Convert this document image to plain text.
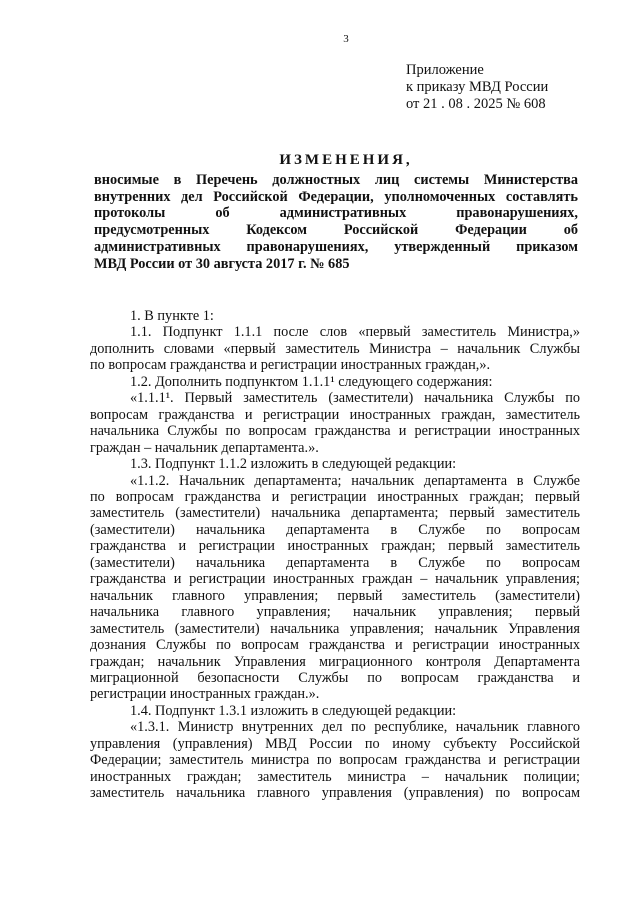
3
Приложение
к приказу МВД России
от 21 . 08 . 2025 № 608
ИЗМЕНЕНИЯ,
вносимые в Перечень должностных лиц системы Министерства
внутренних дел Российской Федерации, уполномоченных составлять
протоколы об административных правонарушениях,
предусмотренных Кодексом Российской Федерации об
административных правонарушениях, утвержденный приказом
МВД России от 30 августа 2017 г. № 685
1. В пункте 1:
1.1. Подпункт 1.1.1 после слов «первый заместитель Министра,»
дополнить словами «первый заместитель Министра – начальник Службы
по вопросам гражданства и регистрации иностранных граждан,».
1.2. Дополнить подпунктом 1.1.1¹ следующего содержания:
«1.1.1¹. Первый заместитель (заместители) начальника Службы по
вопросам гражданства и регистрации иностранных граждан, заместитель
начальника Службы по вопросам гражданства и регистрации иностранных
граждан – начальник департамента.».
1.3. Подпункт 1.1.2 изложить в следующей редакции:
«1.1.2. Начальник департамента; начальник департамента в Службе
по вопросам гражданства и регистрации иностранных граждан; первый
заместитель (заместители) начальника департамента; первый заместитель
(заместители) начальника департамента в Службе по вопросам
гражданства и регистрации иностранных граждан; первый заместитель
(заместители) начальника департамента в Службе по вопросам
гражданства и регистрации иностранных граждан – начальник управления;
начальник главного управления; первый заместитель (заместители)
начальника главного управления; начальник управления; первый
заместитель (заместители) начальника управления; начальник Управления
дознания Службы по вопросам гражданства и регистрации иностранных
граждан; начальник Управления миграционного контроля Департамента
миграционной безопасности Службы по вопросам гражданства и
регистрации иностранных граждан.».
1.4. Подпункт 1.3.1 изложить в следующей редакции:
«1.3.1. Министр внутренних дел по республике, начальник главного
управления (управления) МВД России по иному субъекту Российской
Федерации; заместитель министра по вопросам гражданства и регистрации
иностранных граждан; заместитель министра – начальник полиции;
заместитель начальника главного управления (управления) по вопросам
